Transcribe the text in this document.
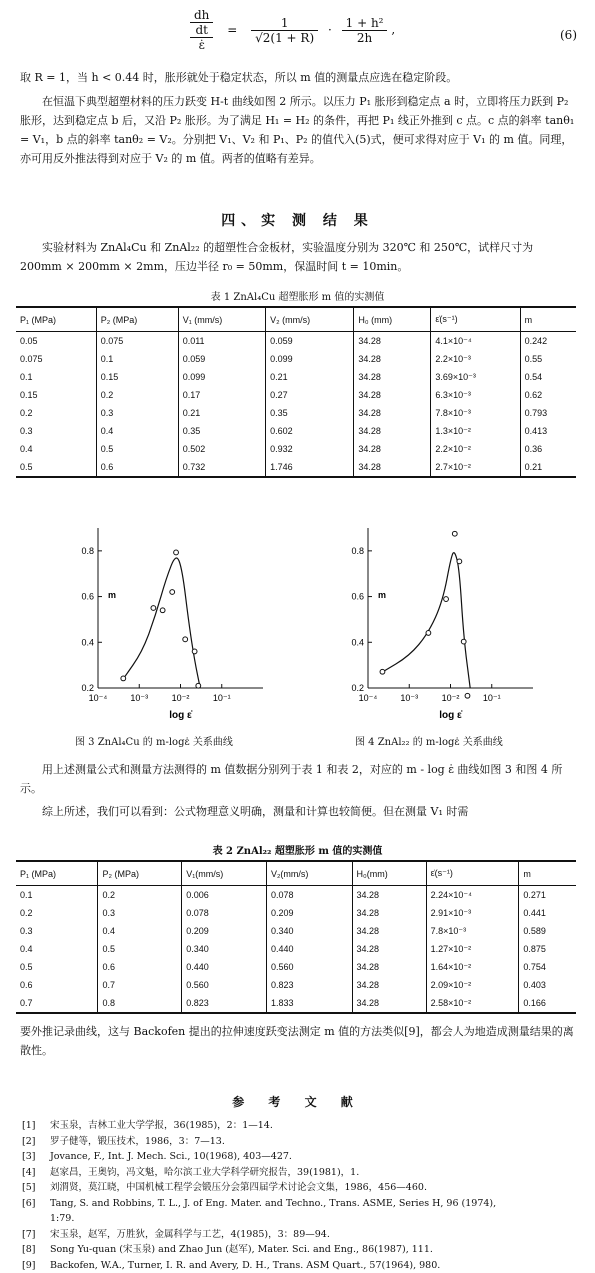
dh
dt
ε̇
= $\frac{1}{√2(1 + R)} \cdot \frac{\text{1 + h²}}{2h}$ ,	(6)
取 R = 1，当 h < 0.44 时，胀形就处于稳定状态，所以 m 值的测量点应选在稳定阶段。
在恒温下典型超塑材料的压力跃变 H-t 曲线如图 2 所示。以压力 P₁ 胀形到稳定点 a 时，立即将压力跃到 P₂ 胀形，达到稳定点 b 后，又沿 P₂ 胀形。为了满足 H₁ = H₂ 的条件，再把 P₁ 线正外推到 c 点。c 点的斜率 tanθ₁ = V₁，b 点的斜率 tanθ₂ = V₂。分别把 V₁、V₂ 和 P₁、P₂ 的值代入(5)式，便可求得对应于 V₁ 的 m 值。同理，亦可用反外推法得到对应于 V₂ 的 m 值。两者的值略有差异。
四、实 测 结 果
实验材料为 ZnAl₄Cu 和 ZnAl₂₂ 的超塑性合金板材，实验温度分别为 320℃ 和 250℃，试样尺寸为 200mm × 200mm × 2mm，压边半径 r₀ = 50mm，保温时间 t = 10min。
表 1 ZnAl₄Cu 超塑胀形 m 值的实测值
P₁ (MPa)	P₂ (MPa)	V₁ (mm/s)	V₂ (mm/s)	H₀ (mm)	ε̇(s⁻¹)	m
0.05	0.075	0.011	0.059	34.28	4.1×10⁻⁴	0.242
0.075	0.1	0.059	0.099	34.28	2.2×10⁻³	0.55
0.1	0.15	0.099	0.21	34.28	3.69×10⁻³	0.54
0.15	0.2	0.17	0.27	34.28	6.3×10⁻³	0.62
0.2	0.3	0.21	0.35	34.28	7.8×10⁻³	0.793
0.3	0.4	0.35	0.602	34.28	1.3×10⁻²	0.413
0.4	0.5	0.502	0.932	34.28	2.2×10⁻²	0.36
0.5	0.6	0.732	1.746	34.28	2.7×10⁻²	0.21
10⁻⁴	10⁻³	10⁻²	10⁻¹
0.2
0.4
0.6
0.8
m
log ε̇
图 3 ZnAl₄Cu 的 m-logε̇ 关系曲线
10⁻⁴	10⁻³	10⁻²	10⁻¹
0.2
0.4
0.6
0.8
m
log ε̇
图 4 ZnAl₂₂ 的 m-logε̇ 关系曲线
用上述测量公式和测量方法测得的 m 值数据分别列于表 1 和表 2，对应的 m - log ε̇ 曲线如图 3 和图 4 所示。
综上所述，我们可以看到：公式物理意义明确，测量和计算也较简便。但在测量 V₁ 时需
表 2 ZnAl₂₂ 超塑胀形 m 值的实测值
P₁ (MPa)	P₂ (MPa)	V₁(mm/s)	V₂(mm/s)	H₀(mm)	ε̇(s⁻¹)	m
0.1	0.2	0.006	0.078	34.28	2.24×10⁻⁴	0.271
0.2	0.3	0.078	0.209	34.28	2.91×10⁻³	0.441
0.3	0.4	0.209	0.340	34.28	7.8×10⁻³	0.589
0.4	0.5	0.340	0.440	34.28	1.27×10⁻²	0.875
0.5	0.6	0.440	0.560	34.28	1.64×10⁻²	0.754
0.6	0.7	0.560	0.823	34.28	2.09×10⁻²	0.403
0.7	0.8	0.823	1.833	34.28	2.58×10⁻²	0.166
要外推记录曲线，这与 Backofen 提出的拉伸速度跃变法测定 m 值的方法类似[9]，都会人为地造成测量结果的离散性。
参 考 文 献
[1] 宋玉泉，吉林工业大学学报，36(1985)，2：1—14.
[2] 罗子健等，锻压技术，1986，3：7—13.
[3] Jovance, F., Int. J. Mech. Sci., 10(1968), 403—427.
[4] 赵家昌，王奥钧，冯文魁，哈尔滨工业大学科学研究报告，39(1981)，1.
[5] 刘渭贤，莫江晓，中国机械工程学会锻压分会第四届学术讨论会文集，1986，456—460.
[6] Tang, S. and Robbins, T. L., J. of Eng. Mater. and Techno., Trans. ASME, Series H, 96 (1974),
1:79.
[7] 宋玉泉，赵军，万胜狄，金属科学与工艺，4(1985)，3：89—94.
[8] Song Yu-quan (宋玉泉) and Zhao Jun (赵军), Mater. Sci. and Eng., 86(1987), 111.
[9] Backofen, W.A., Turner, I. R. and Avery, D. H., Trans. ASM Quart., 57(1964), 980.
